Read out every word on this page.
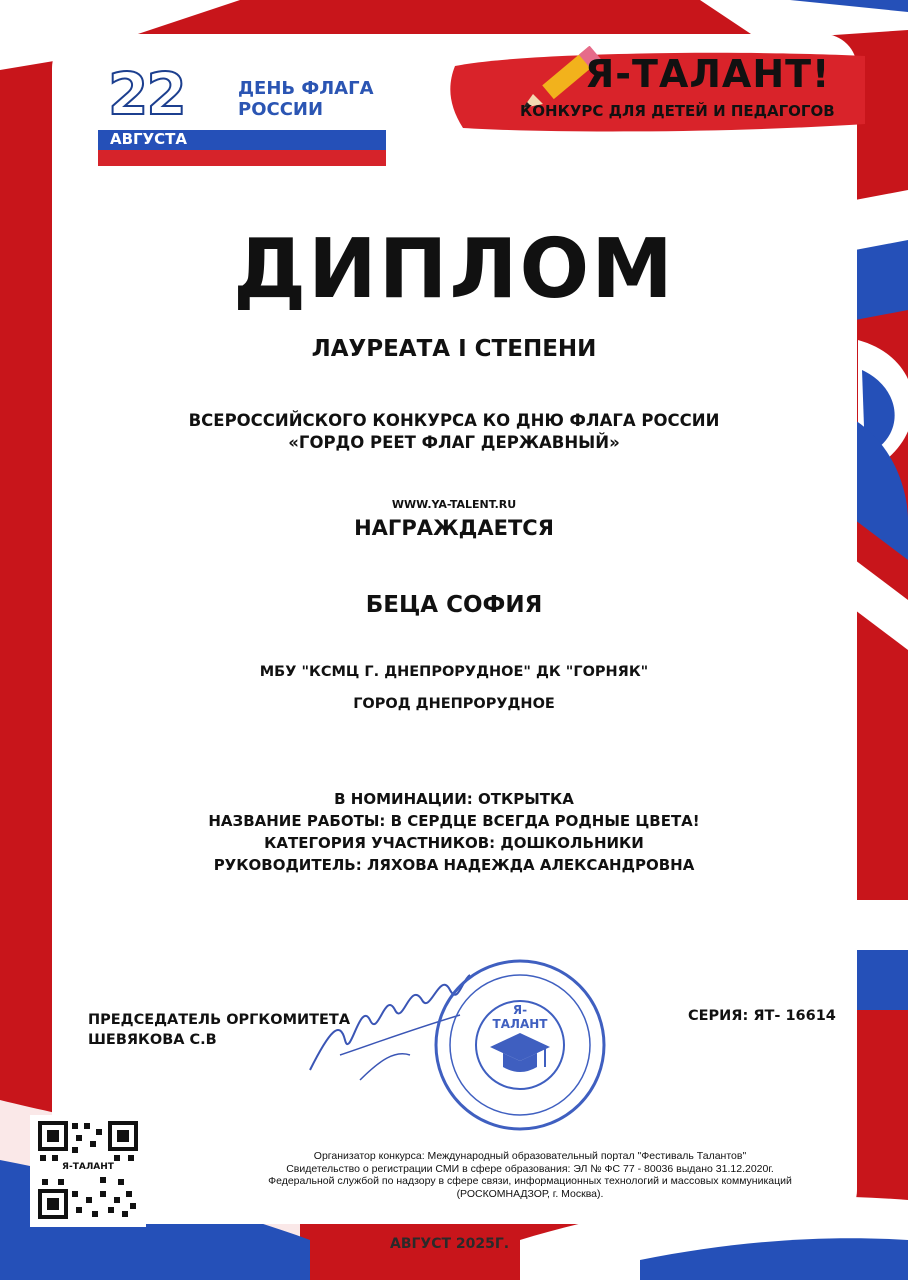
22
АВГУСТА
ДЕНЬ ФЛАГА
РОССИИ
Я-ТАЛАНТ!
КОНКУРС ДЛЯ ДЕТЕЙ И ПЕДАГОГОВ
ДИПЛОМ
ЛАУРЕАТА I СТЕПЕНИ
ВСЕРОССИЙСКОГО КОНКУРСА КО ДНЮ ФЛАГА РОССИИ
«ГОРДО РЕЕТ ФЛАГ ДЕРЖАВНЫЙ»
WWW.YA-TALENT.RU
НАГРАЖДАЕТСЯ
БЕЦА СОФИЯ
МБУ "КСМЦ Г. ДНЕПРОРУДНОЕ" ДК "ГОРНЯК"
ГОРОД ДНЕПРОРУДНОЕ
В НОМИНАЦИИ: ОТКРЫТКА
НАЗВАНИЕ РАБОТЫ: В СЕРДЦЕ ВСЕГДА РОДНЫЕ ЦВЕТА!
КАТЕГОРИЯ УЧАСТНИКОВ: ДОШКОЛЬНИКИ
РУКОВОДИТЕЛЬ: ЛЯХОВА НАДЕЖДА АЛЕКСАНДРОВНА
ПРЕДСЕДАТЕЛЬ ОРГКОМИТЕТА
ШЕВЯКОВА С.В
СЕРИЯ: ЯТ- 16614
Я-ТАЛАНТ
Я-ТАЛАНТ
Организатор конкурса: Международный образовательный портал "Фестиваль Талантов"
Свидетельство о регистрации СМИ в сфере образования: ЭЛ № ФС 77 - 80036 выдано 31.12.2020г.
Федеральной службой по надзору в сфере связи, информационных технологий и массовых коммуникаций
(РОСКОМНАДЗОР, г. Москва).
АВГУСТ 2025Г.
